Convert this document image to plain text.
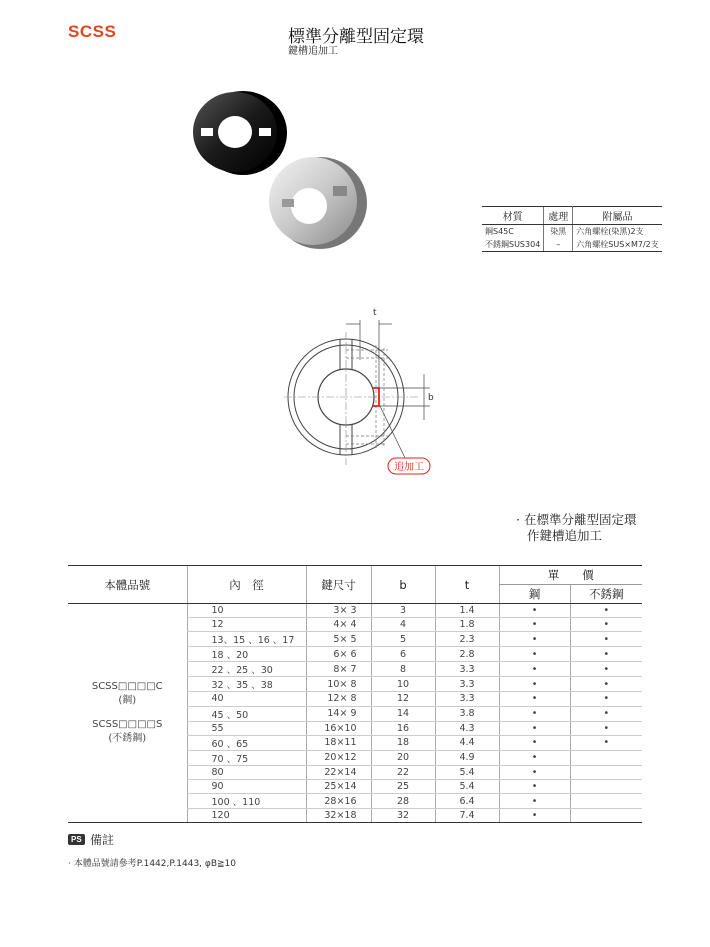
SCSS	標準分離型固定環
鍵槽追加工
材質	處理	附屬品
鋼S45C	染黑	六角螺栓(染黑)2支
不銹鋼SUS304	–	六角螺栓SUS×M7/2支
t
b
追加工
· 在標準分離型固定環
作鍵槽追加工
本體品號	內　徑	鍵尺寸	b	t	單　　價	
					鋼	不銹鋼

SCSS□□□□C
(鋼)
SCSS□□□□S
(不銹鋼)	10	3× 3	3	1.4	•	•
	12	4× 4	4	1.8	•	•
	13、15 、16 、17	5× 5	5	2.3	•	•
	18 、20	6× 6	6	2.8	•	•
	22 、25 、30	8× 7	8	3.3	•	•
	32 、35 、38	10× 8	10	3.3	•	•
	40	12× 8	12	3.3	•	•
	45 、50	14× 9	14	3.8	•	•
	55	16×10	16	4.3	•	•
	60 、65	18×11	18	4.4	•	•
	70 、75	20×12	20	4.9	•	
	80	22×14	22	5.4	•	
	90	25×14	25	5.4	•	
	100 、110	28×16	28	6.4	•	
	120	32×18	32	7.4	•	
PS 備註
· 本體品號請參考P.1442,P.1443, φB≧10
